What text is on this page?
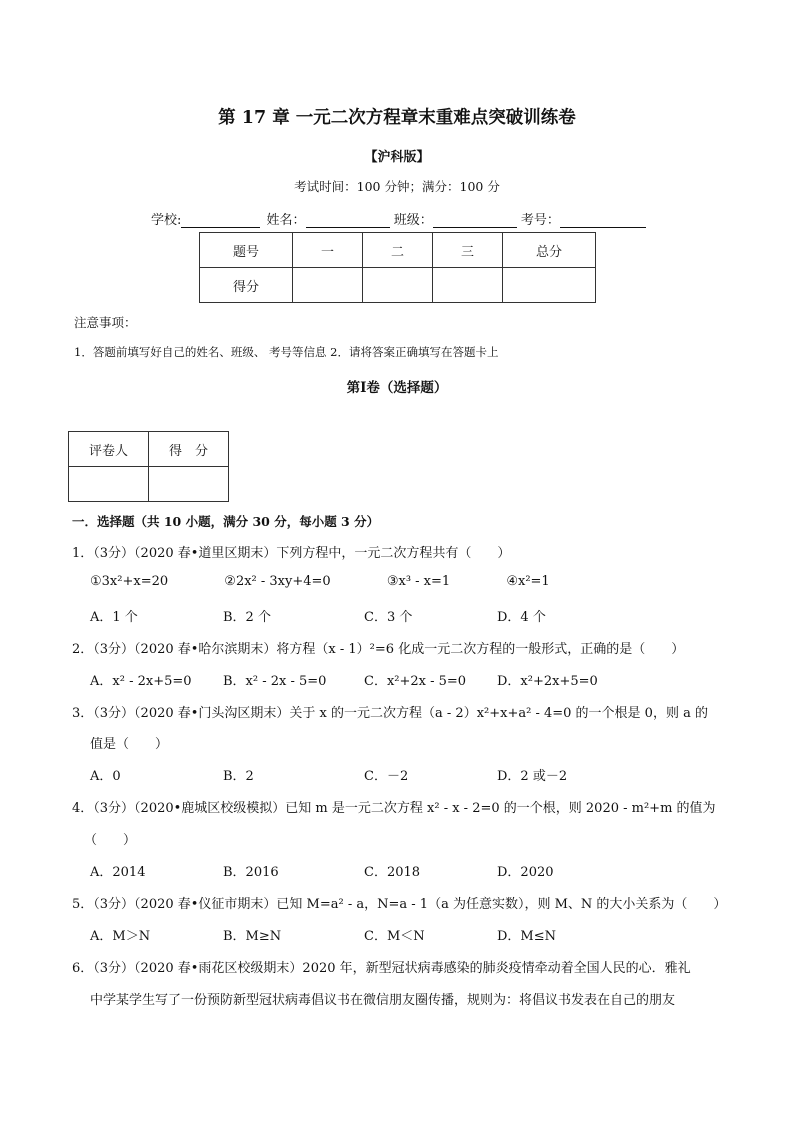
第 17 章 一元二次方程章末重难点突破训练卷
【沪科版】
考试时间：100 分钟；满分：100 分
学校:	姓名：	班级：	考号：
题号	一	二	三	总分
得分				
注意事项：
1．答题前填写好自己的姓名、班级、 考号等信息 2．请将答案正确填写在答题卡上
第Ⅰ卷（选择题）
评卷人	得　分

一．选择题（共 10 小题，满分 30 分，每小题 3 分）
1．（3分）（2020 春•道里区期末）下列方程中，一元二次方程共有（　　）
①3x²+x=20	②2x² - 3xy+4=0	③x³ - x=1	④x²=1
A．1 个	B．2 个	C．3 个	D．4 个
2．（3分）（2020 春•哈尔滨期末）将方程（x - 1）²=6 化成一元二次方程的一般形式，正确的是（　　）
A．x² - 2x+5=0 B．x² - 2x - 5=0	C．x²+2x - 5=0 D．x²+2x+5=0
3．（3分）（2020 春•门头沟区期末）关于 x 的一元二次方程（a - 2）x²+x+a² - 4=0 的一个根是 0，则 a 的
值是（　　）
A．0	B．2	C．－2	D．2 或－2
4．（3分）（2020•鹿城区校级模拟）已知 m 是一元二次方程 x² - x - 2=0 的一个根，则 2020 - m²+m 的值为
（　　）
A．2014	B．2016	C．2018	D．2020
5．（3分）（2020 春•仪征市期末）已知 M=a² - a，N=a - 1（a 为任意实数），则 M、N 的大小关系为（　　）
A．M＞N	B．M≥N	C．M＜N	D．M≤N
6．（3分）（2020 春•雨花区校级期末）2020 年，新型冠状病毒感染的肺炎疫情牵动着全国人民的心．雅礼
中学某学生写了一份预防新型冠状病毒倡议书在微信朋友圈传播，规则为：将倡议书发表在自己的朋友
